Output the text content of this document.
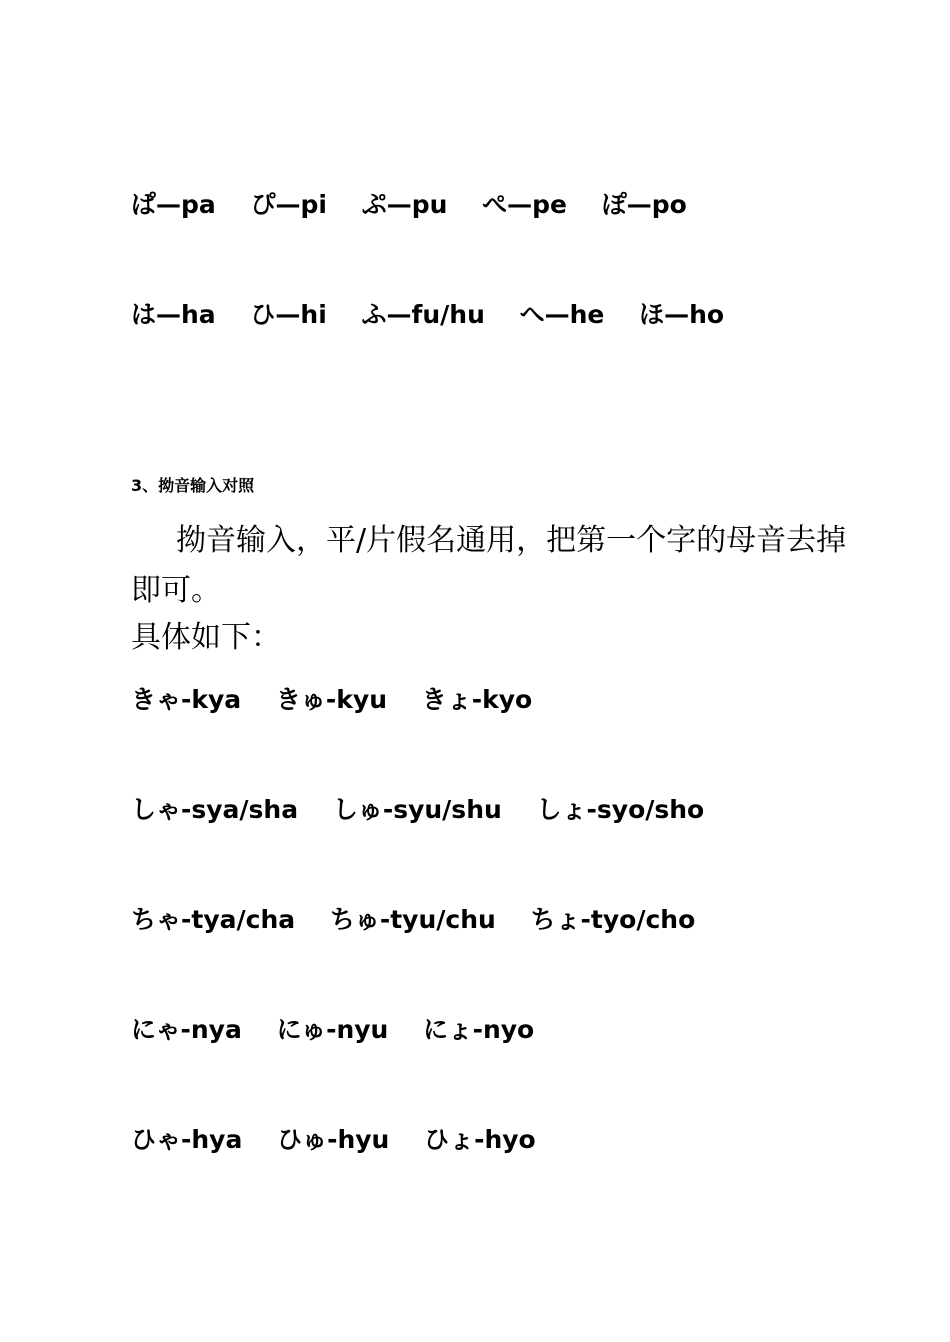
ぱ—pa ぴ—pi ぷ—pu ぺ—pe ぽ—po
は—ha ひ—hi ふ—fu/hu へ—he ほ—ho
3、拗音输入对照
拗音输入，平/片假名通用，把第一个字的母音去掉即可。
具体如下：
きゃ-kya きゅ-kyu きょ-kyo
しゃ-sya/sha しゅ-syu/shu しょ-syo/sho
ちゃ-tya/cha ちゅ-tyu/chu ちょ-tyo/cho
にゃ-nya にゅ-nyu にょ-nyo
ひゃ-hya ひゅ-hyu ひょ-hyo
